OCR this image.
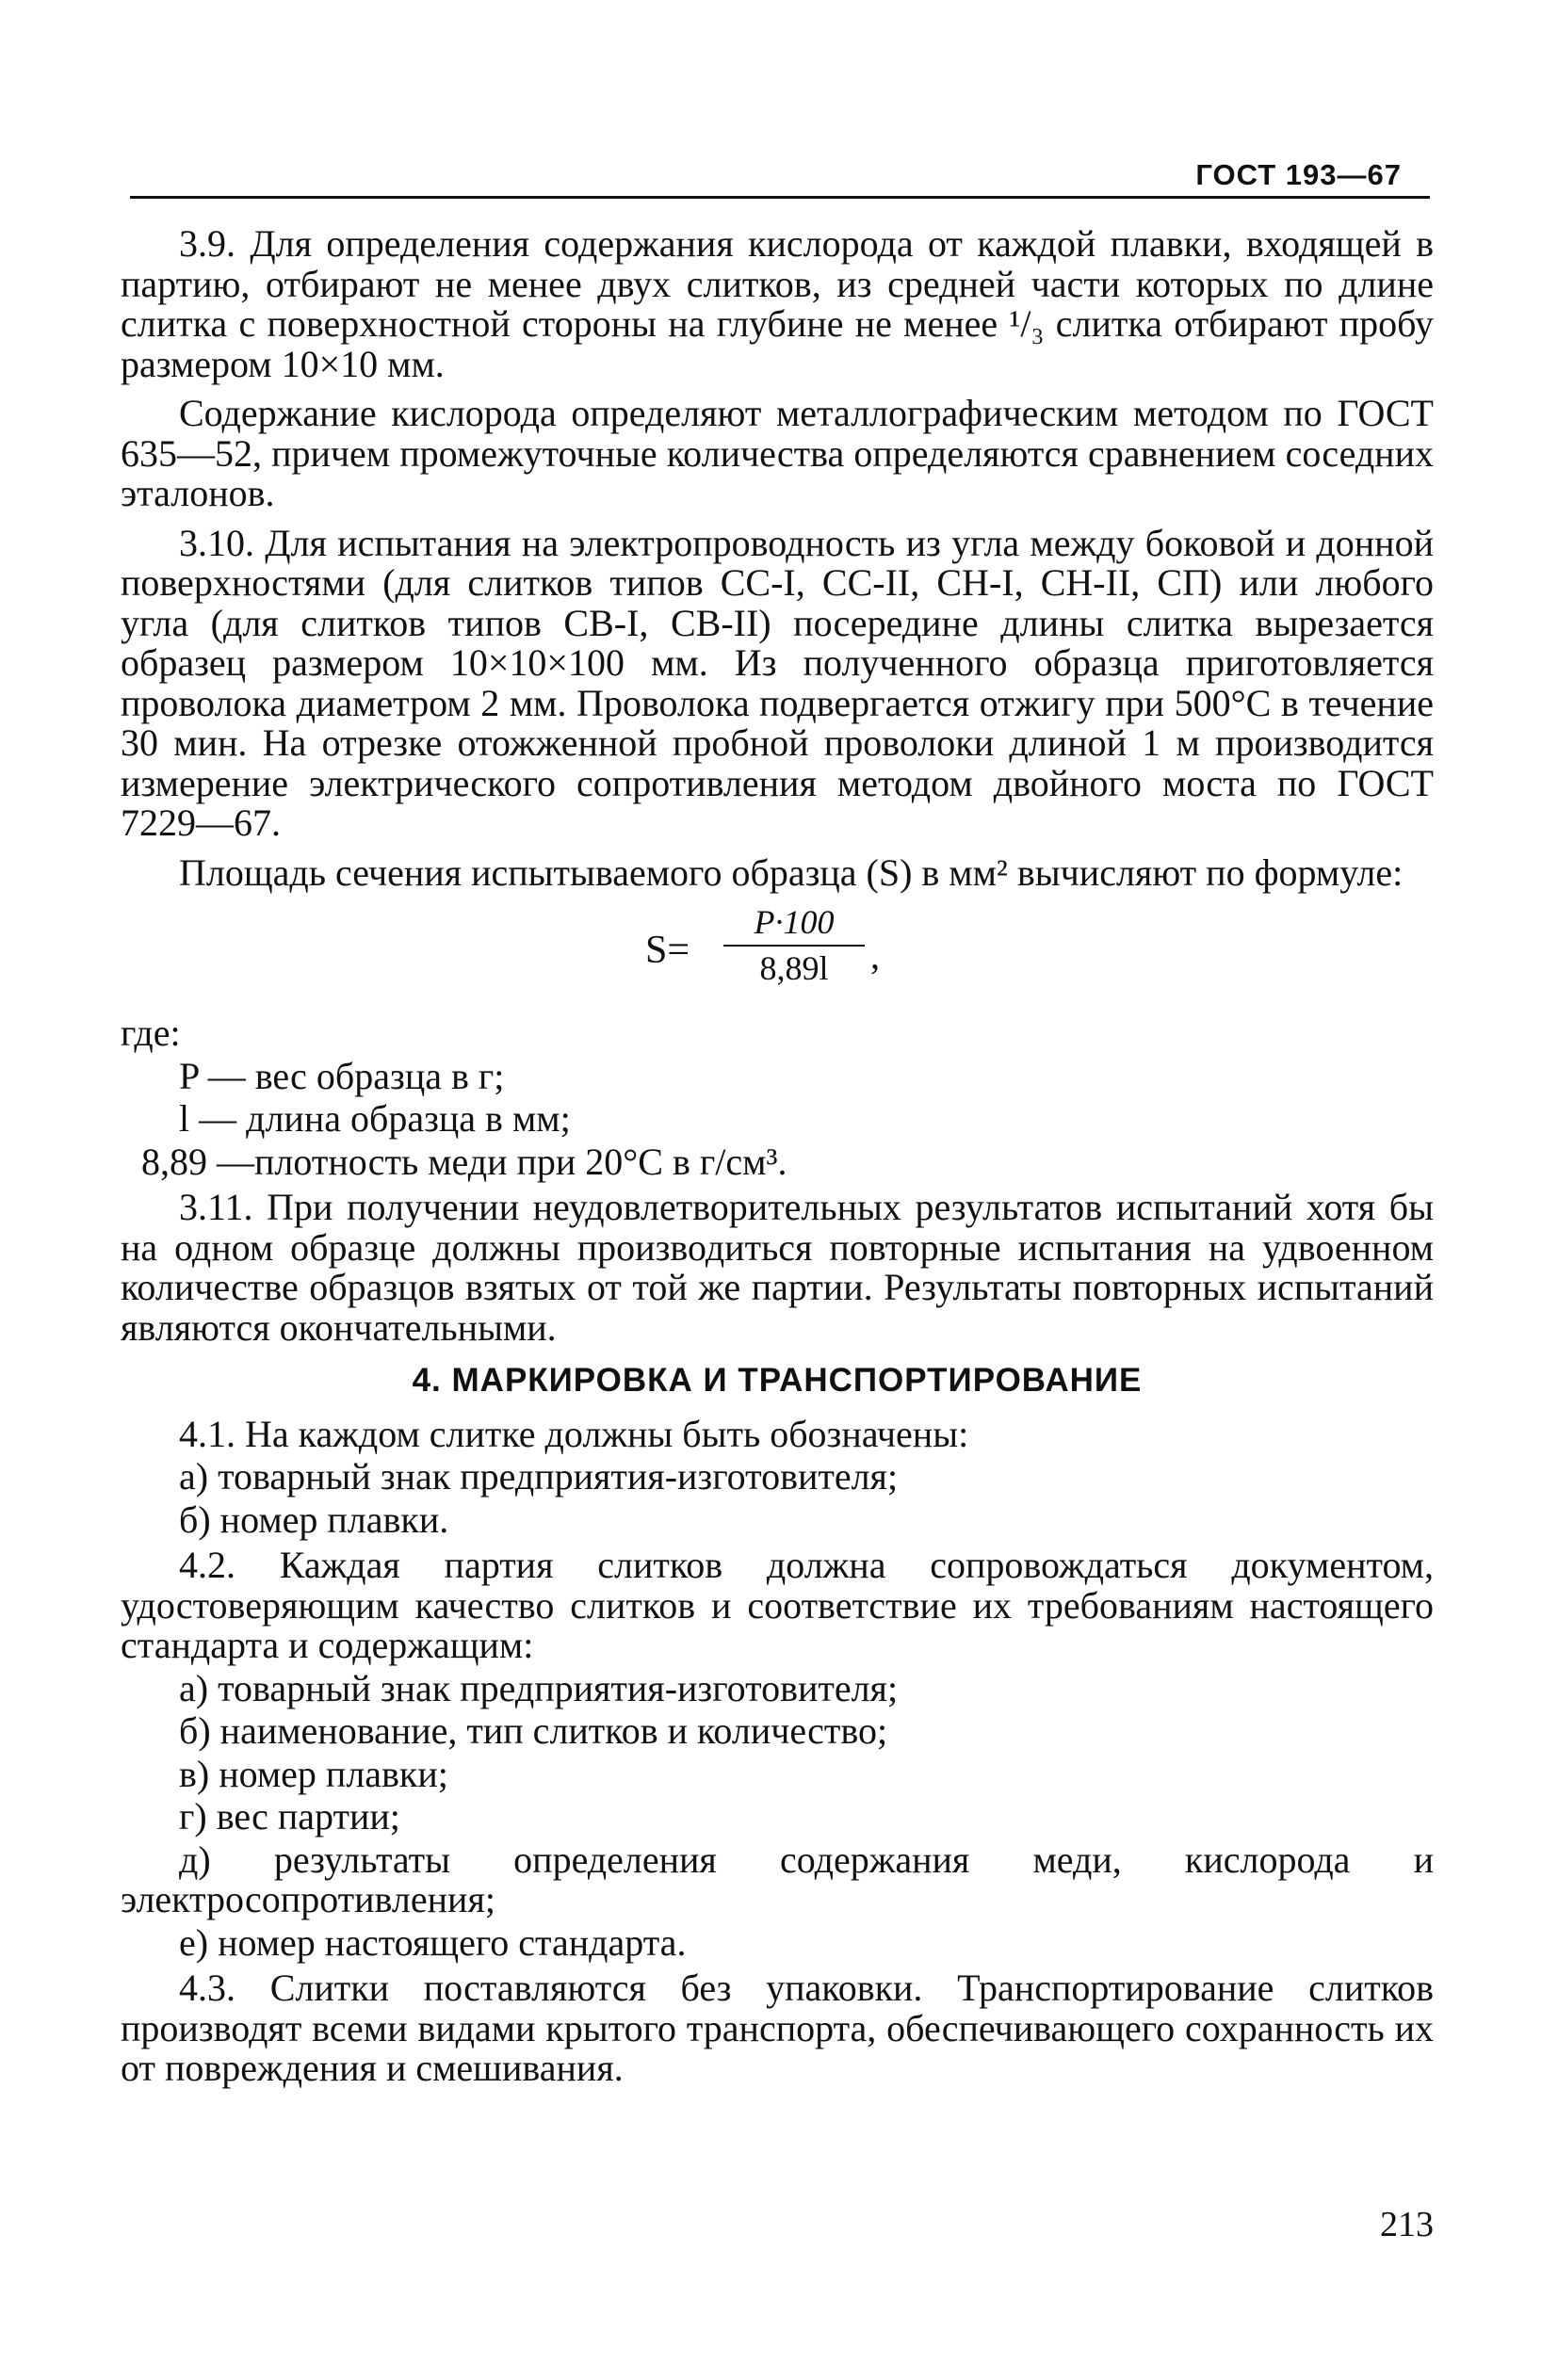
ГОСТ 193—67

3.9. Для определения содержания кислорода от каждой плавки, входящей в партию, отбирают не менее двух слитков, из средней части которых по длине слитка с поверхностной стороны на глубине не менее ¹/₃ слитка отбирают пробу размером 10×10 мм.

Содержание кислорода определяют металлографическим методом по ГОСТ 635—52, причем промежуточные количества определяются сравнением соседних эталонов.

3.10. Для испытания на электропроводность из угла между боковой и донной поверхностями (для слитков типов СС-I, СС-II, СН-I, СН-II, СП) или любого угла (для слитков типов СВ-I, СВ-II) посередине длины слитка вырезается образец размером 10×10×100 мм. Из полученного образца приготовляется проволока диаметром 2 мм. Проволока подвергается отжигу при 500°С в течение 30 мин. На отрезке отожженной пробной проволоки длиной 1 м производится измерение электрического сопротивления методом двойного моста по ГОСТ 7229—67.

Площадь сечения испытываемого образца (S) в мм² вычисляют по формуле:

$S= \frac{P\cdot 100}{8,89l}$ ,
где:
P — вес образца в г;
l — длина образца в мм;
8,89 —плотность меди при 20°С в г/см³.

3.11. При получении неудовлетворительных результатов испытаний хотя бы на одном образце должны производиться повторные испытания на удвоенном количестве образцов взятых от той же партии. Результаты повторных испытаний являются окончательными.

4. МАРКИРОВКА И ТРАНСПОРТИРОВАНИЕ

4.1. На каждом слитке должны быть обозначены:

а) товарный знак предприятия-изготовителя;
б) номер плавки.

4.2. Каждая партия слитков должна сопровождаться документом, удостоверяющим качество слитков и соответствие их требованиям настоящего стандарта и содержащим:

а) товарный знак предприятия-изготовителя;
б) наименование, тип слитков и количество;
в) номер плавки;
г) вес партии;

д) результаты определения содержания меди, кислорода и электросопротивления;

е) номер настоящего стандарта.

4.3. Слитки поставляются без упаковки. Транспортирование слитков производят всеми видами крытого транспорта, обеспечивающего сохранность их от повреждения и смешивания.

213
